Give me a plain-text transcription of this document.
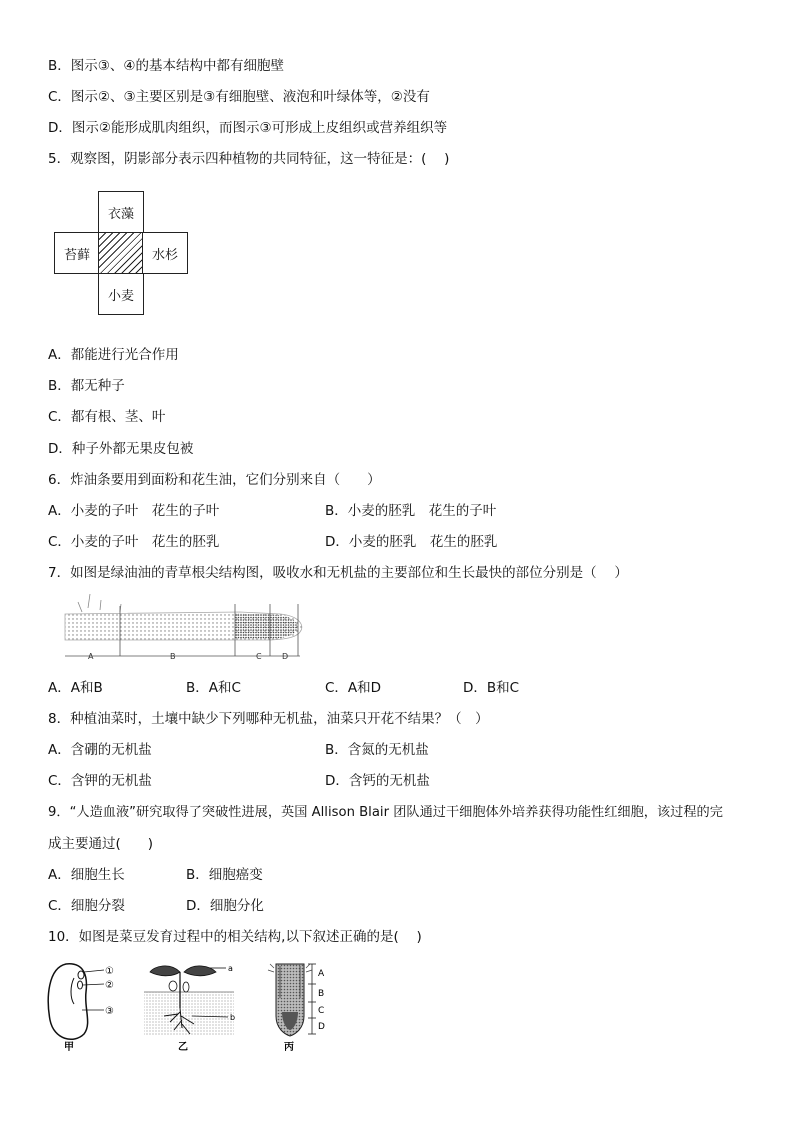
B．图示③、④的基本结构中都有细胞壁
C．图示②、③主要区别是③有细胞壁、液泡和叶绿体等，②没有
D．图示②能形成肌肉组织，而图示③可形成上皮组织或营养组织等
5．观察图，阴影部分表示四种植物的共同特征，这一特征是：(　 )
衣藻
苔藓	水杉
小麦
A．都能进行光合作用
B．都无种子
C．都有根、茎、叶
D．种子外都无果皮包被
6．炸油条要用到面粉和花生油，它们分别来自（　　）
A．小麦的子叶　花生的子叶	B．小麦的胚乳　花生的子叶
C．小麦的子叶　花生的胚乳	D．小麦的胚乳　花生的胚乳
7．如图是绿油油的青草根尖结构图，吸收水和无机盐的主要部位和生长最快的部位分别是（　 ）
A	B	C	D
A．A和B	B．A和C	C．A和D	D．B和C
8．种植油菜时，土壤中缺少下列哪种无机盐，油菜只开花不结果？（　）
A．含硼的无机盐	B．含氮的无机盐
C．含钾的无机盐	D．含钙的无机盐
9．“人造血液”研究取得了突破性进展，英国 Allison Blair 团队通过干细胞体外培养获得功能性红细胞，该过程的完
成主要通过(　　)
A．细胞生长	B．细胞癌变
C．细胞分裂	D．细胞分化
10．如图是菜豆发育过程中的相关结构,以下叙述正确的是(　 )
①
②
③
甲
a
b
乙
A
B
C
D
丙
